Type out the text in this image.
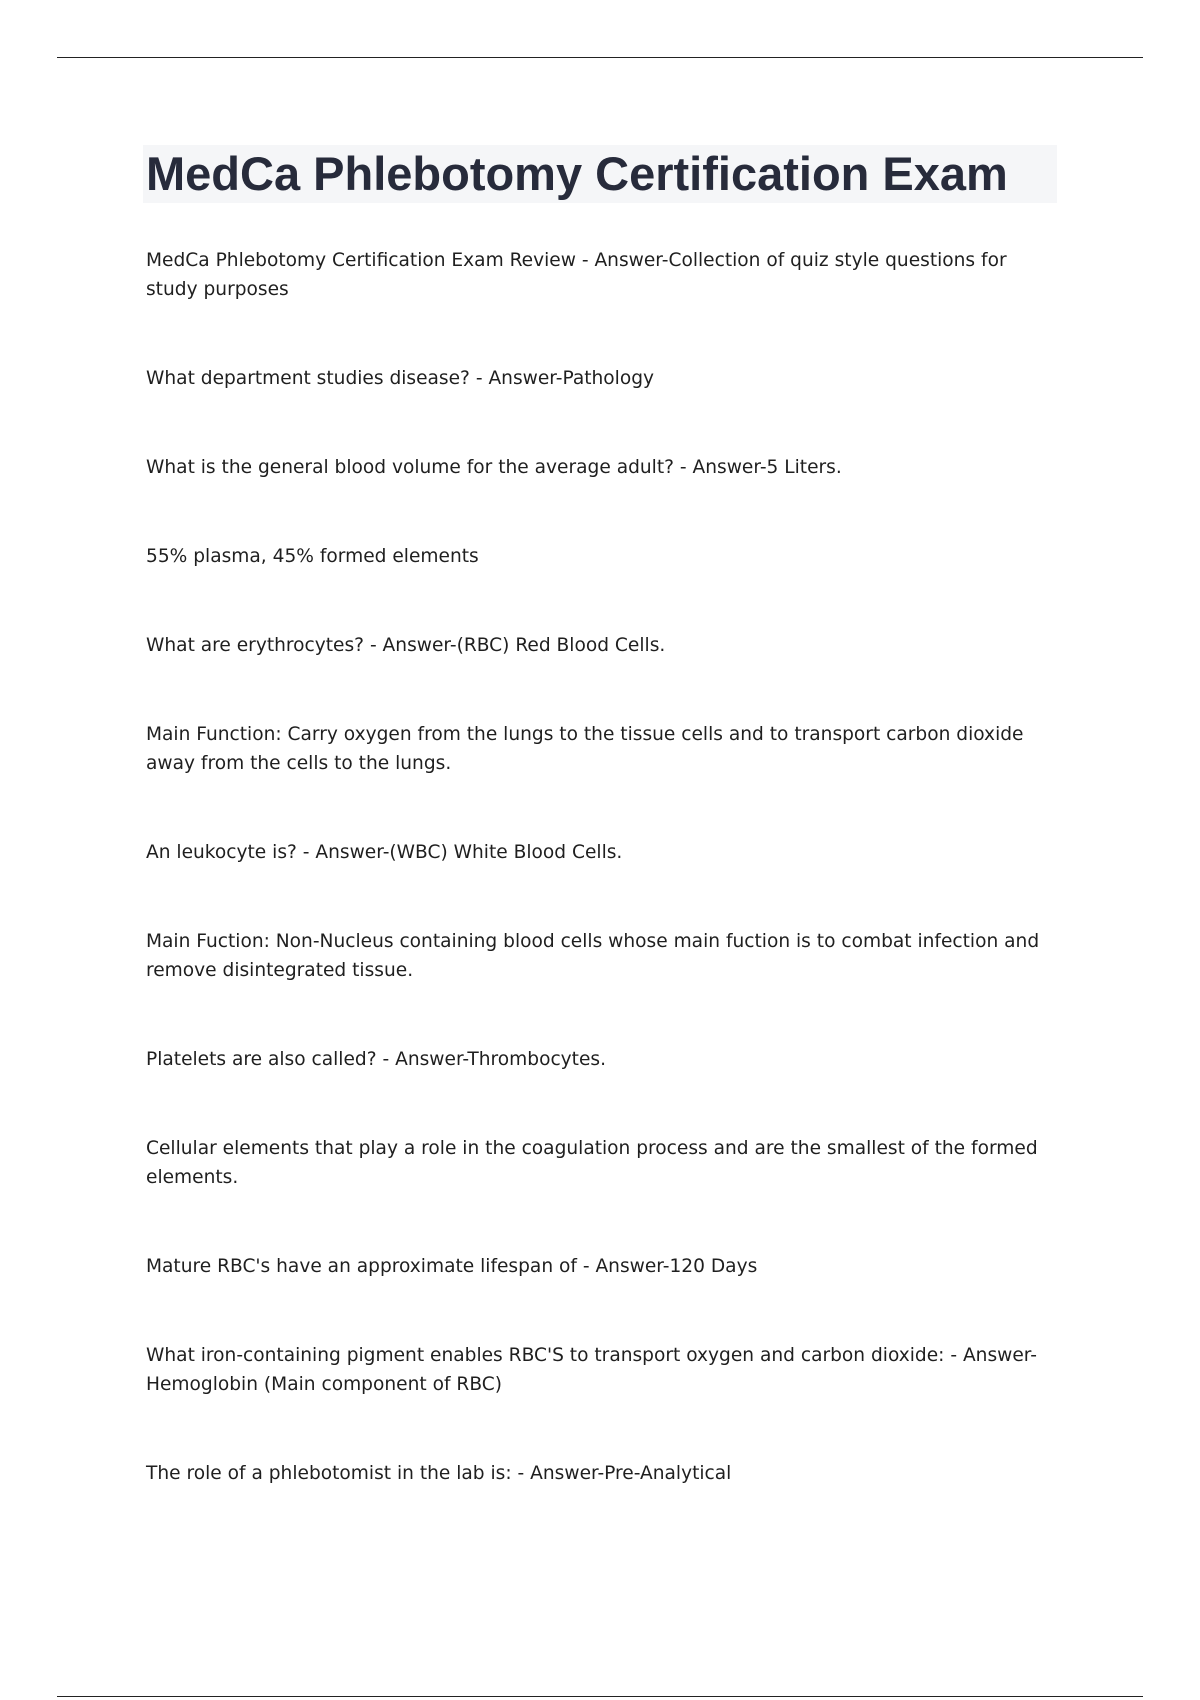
MedCa Phlebotomy Certification Exam

MedCa Phlebotomy Certification Exam Review - Answer-Collection of quiz style questions for study purposes

What department studies disease? - Answer-Pathology

What is the general blood volume for the average adult? - Answer-5 Liters.

55% plasma, 45% formed elements

What are erythrocytes? - Answer-(RBC) Red Blood Cells.

Main Function: Carry oxygen from the lungs to the tissue cells and to transport carbon dioxide away from the cells to the lungs.

An leukocyte is? - Answer-(WBC) White Blood Cells.

Main Fuction: Non-Nucleus containing blood cells whose main fuction is to combat infection and remove disintegrated tissue.

Platelets are also called? - Answer-Thrombocytes.

Cellular elements that play a role in the coagulation process and are the smallest of the formed elements.

Mature RBC's have an approximate lifespan of - Answer-120 Days

What iron-containing pigment enables RBC'S to transport oxygen and carbon dioxide: - Answer-Hemoglobin (Main component of RBC)

The role of a phlebotomist in the lab is: - Answer-Pre-Analytical
